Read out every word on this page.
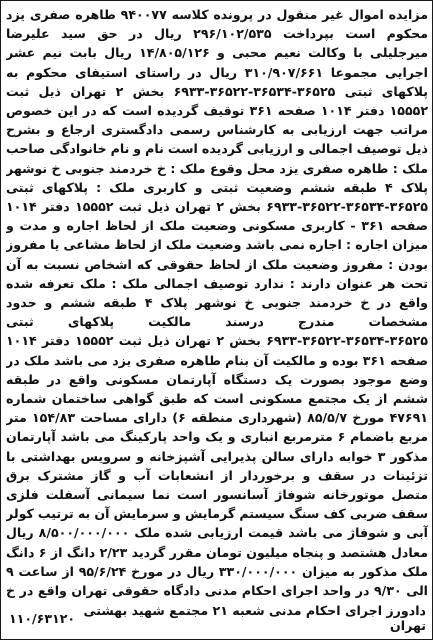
مزایده اموال غیر منقول در پرونده کلاسه ۹۴۰۰۷۷ طاهره صفری یزد محکوم است بپرداخت ۲۹۶/۱۰۲/۵۳۵ ریال در حق سید علیرضا میرجلیلی با وکالت نعیم محبی و ۱۴/۸۰۵/۱۲۶ ریال بابت نیم عشر اجرایی مجموعا ۳۱۰/۹۰۷/۶۶۱ ریال در راستای استیفای محکوم به پلاکهای ثبتی ۳۶۵۲۵-۳۶۵۳۴-۳۶۵۲۲-۶۹۳۳ بخش ۲ تهران ذیل ثبت ۱۵۵۵۲ دفتر ۱۰۱۴ صفحه ۳۶۱ توقیف گردیده است که در این خصوص مراتب جهت ارزیابی به کارشناس رسمی دادگستری ارجاع و بشرح ذیل توصیف اجمالی و ارزیابی گردیده است نام و نام خانوادگی صاحب ملک : طاهره صفری یزد محل وقوع ملک : خ خردمند جنوبی خ نوشهر پلاک ۴ طبقه ششم وضعیت ثبتی و کاربری ملک : پلاکهای ثبتی ۳۶۵۲۵-۳۶۵۳۴-۳۶۵۲۲-۶۹۳۳ بخش ۲ تهران ذیل ثبت ۱۵۵۵۲ دفتر ۱۰۱۴ صفحه ۳۶۱ - کاربری مسکونی وضعیت ملک از لحاظ اجاره و مدت و میزان اجاره : اجاره نمی باشد وضعیت ملک از لحاظ مشاعی یا مفروز بودن : مفروز وضعیت ملک از لحاظ حقوقی که اشخاص نسبت به آن تحت هر عنوان دارند : ندارد توصیف اجمالی ملک : ملک تعرفه شده واقع در خ خردمند جنوبی خ نوشهر پلاک ۴ طبقه ششم و حدود مشخصات مندرج درسند مالکیت پلاکهای ثبتی ۳۶۵۲۵-۳۶۵۳۴-۳۶۵۲۲-۶۹۳۳ بخش ۲ تهران ذیل ثبت ۱۵۵۵۲ دفتر ۱۰۱۴ صفحه ۳۶۱ بوده و مالکیت آن بنام طاهره صفری یزد می باشد ملک در وضع موجود بصورت یک دستگاه آپارتمان مسکونی واقع در طبقه ششم از یک مجتمع مسکونی است که طبق گواهی ساختمان شماره ۴۷۶۹۱ مورخ ۸۵/۵/۷ (شهرداری منطقه ۶) دارای مساحت ۱۵۴/۸۳ متر مربع باضمام ۶ مترمربع انباری و یک واحد پارکینگ می باشد آپارتمان مذکور ۳ خوابه دارای سالن پذیرایی آشپزخانه و سرویس بهداشتی با تزئینات در سقف و برخوردار از انشعابات آب و گاز مشترک برق متصل موتورخانه شوفاژ آسانسور است نما سیمانی آسفلت فلزی سقف ضربی کف سنگ سیستم گرمایش و سرمایش آن به ترتیب کولر آبی و شوفاژ می باشد قیمت ارزیابی شده ملک ۸/۵۰۰/۰۰۰/۰۰۰ ریال معادل هشتصد و پنجاه میلیون تومان مقرر گردید ۲/۲۳ دانگ از ۶ دانگ ملک مذکور به میزان ۳۳۰/۰۰۰/۰۰۰ ریال در مورخ ۹۵/۶/۲۴ از ساعت ۹ الی ۹/۳۰ در واحد اجرای احکام مدنی دادگاه حقوقی تهران واقع در خ
دادورز اجرای احکام مدنی شعبه ۲۱ مجتمع شهید بهشتی تهران
۱۱۰/۶۳۱۲۰
